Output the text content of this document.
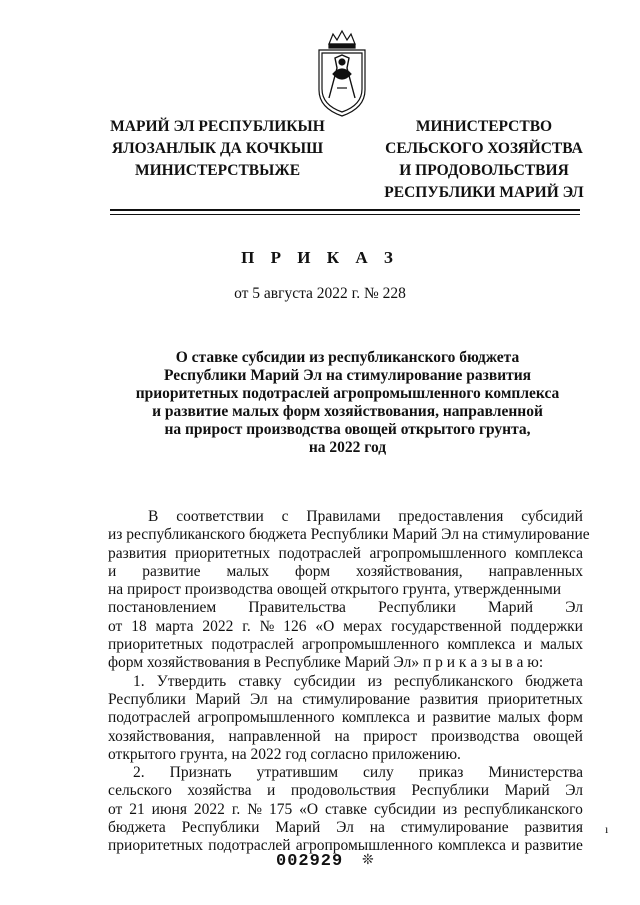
МАРИЙ ЭЛ РЕСПУБЛИКЫН
ЯЛОЗАНЛЫК ДА КОЧКЫШ
МИНИСТЕРСТВЫЖЕ
МИНИСТЕРСТВО
СЕЛЬСКОГО ХОЗЯЙСТВА
И ПРОДОВОЛЬСТВИЯ
РЕСПУБЛИКИ МАРИЙ ЭЛ
П Р И К А З
от 5 августа 2022 г. № 228
О ставке субсидии из республиканского бюджета
Республики Марий Эл на стимулирование развития
приоритетных подотраслей агропромышленного комплекса
и развитие малых форм хозяйствования, направленной
на прирост производства овощей открытого грунта,
на 2022 год
В соответствии с Правилами предоставления субсидий
из республиканского бюджета Республики Марий Эл на стимулирование
развития приоритетных подотраслей агропромышленного комплекса
и развитие малых форм хозяйствования, направленных
на прирост производства овощей открытого грунта, утвержденными
постановлением Правительства Республики Марий Эл
от 18 марта 2022 г. № 126 «О мерах государственной поддержки
приоритетных подотраслей агропромышленного комплекса и малых
форм хозяйствования в Республике Марий Эл» п р и к а з ы в а ю:
1. Утвердить ставку субсидии из республиканского бюджета
Республики Марий Эл на стимулирование развития приоритетных
подотраслей агропромышленного комплекса и развитие малых форм
хозяйствования, направленной на прирост производства овощей
открытого грунта, на 2022 год согласно приложению.
2. Признать утратившим силу приказ Министерства
сельского хозяйства и продовольствия Республики Марий Эл
от 21 июня 2022 г. № 175 «О ставке субсидии из республиканского
бюджета Республики Марий Эл на стимулирование развития
приоритетных подотраслей агропромышленного комплекса и развитие
002929 ❊
ı
